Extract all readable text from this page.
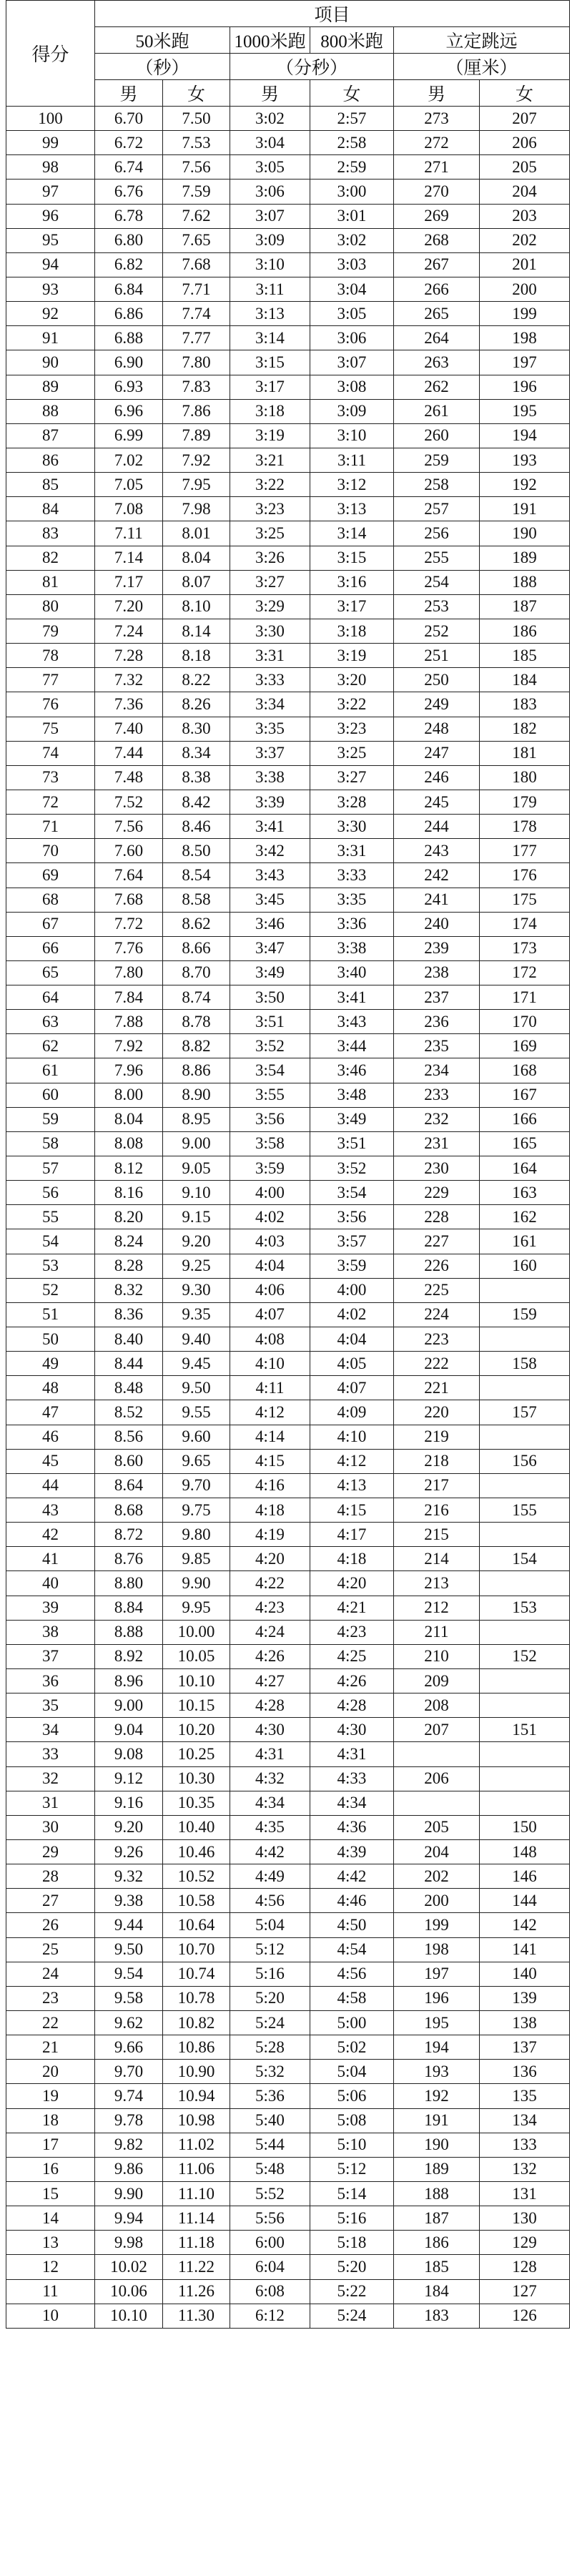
得分	项目					
	50米跑		1000米跑	800米跑	立定跳远	
	（秒）		（分秒）		（厘米）	
	男	女	男	女	男	女
100	6.70	7.50	3:02	2:57	273	207
99	6.72	7.53	3:04	2:58	272	206
98	6.74	7.56	3:05	2:59	271	205
97	6.76	7.59	3:06	3:00	270	204
96	6.78	7.62	3:07	3:01	269	203
95	6.80	7.65	3:09	3:02	268	202
94	6.82	7.68	3:10	3:03	267	201
93	6.84	7.71	3:11	3:04	266	200
92	6.86	7.74	3:13	3:05	265	199
91	6.88	7.77	3:14	3:06	264	198
90	6.90	7.80	3:15	3:07	263	197
89	6.93	7.83	3:17	3:08	262	196
88	6.96	7.86	3:18	3:09	261	195
87	6.99	7.89	3:19	3:10	260	194
86	7.02	7.92	3:21	3:11	259	193
85	7.05	7.95	3:22	3:12	258	192
84	7.08	7.98	3:23	3:13	257	191
83	7.11	8.01	3:25	3:14	256	190
82	7.14	8.04	3:26	3:15	255	189
81	7.17	8.07	3:27	3:16	254	188
80	7.20	8.10	3:29	3:17	253	187
79	7.24	8.14	3:30	3:18	252	186
78	7.28	8.18	3:31	3:19	251	185
77	7.32	8.22	3:33	3:20	250	184
76	7.36	8.26	3:34	3:22	249	183
75	7.40	8.30	3:35	3:23	248	182
74	7.44	8.34	3:37	3:25	247	181
73	7.48	8.38	3:38	3:27	246	180
72	7.52	8.42	3:39	3:28	245	179
71	7.56	8.46	3:41	3:30	244	178
70	7.60	8.50	3:42	3:31	243	177
69	7.64	8.54	3:43	3:33	242	176
68	7.68	8.58	3:45	3:35	241	175
67	7.72	8.62	3:46	3:36	240	174
66	7.76	8.66	3:47	3:38	239	173
65	7.80	8.70	3:49	3:40	238	172
64	7.84	8.74	3:50	3:41	237	171
63	7.88	8.78	3:51	3:43	236	170
62	7.92	8.82	3:52	3:44	235	169
61	7.96	8.86	3:54	3:46	234	168
60	8.00	8.90	3:55	3:48	233	167
59	8.04	8.95	3:56	3:49	232	166
58	8.08	9.00	3:58	3:51	231	165
57	8.12	9.05	3:59	3:52	230	164
56	8.16	9.10	4:00	3:54	229	163
55	8.20	9.15	4:02	3:56	228	162
54	8.24	9.20	4:03	3:57	227	161
53	8.28	9.25	4:04	3:59	226	160
52	8.32	9.30	4:06	4:00	225	
51	8.36	9.35	4:07	4:02	224	159
50	8.40	9.40	4:08	4:04	223	
49	8.44	9.45	4:10	4:05	222	158
48	8.48	9.50	4:11	4:07	221	
47	8.52	9.55	4:12	4:09	220	157
46	8.56	9.60	4:14	4:10	219	
45	8.60	9.65	4:15	4:12	218	156
44	8.64	9.70	4:16	4:13	217	
43	8.68	9.75	4:18	4:15	216	155
42	8.72	9.80	4:19	4:17	215	
41	8.76	9.85	4:20	4:18	214	154
40	8.80	9.90	4:22	4:20	213	
39	8.84	9.95	4:23	4:21	212	153
38	8.88	10.00	4:24	4:23	211	
37	8.92	10.05	4:26	4:25	210	152
36	8.96	10.10	4:27	4:26	209	
35	9.00	10.15	4:28	4:28	208	
34	9.04	10.20	4:30	4:30	207	151
33	9.08	10.25	4:31	4:31		
32	9.12	10.30	4:32	4:33	206	
31	9.16	10.35	4:34	4:34		
30	9.20	10.40	4:35	4:36	205	150
29	9.26	10.46	4:42	4:39	204	148
28	9.32	10.52	4:49	4:42	202	146
27	9.38	10.58	4:56	4:46	200	144
26	9.44	10.64	5:04	4:50	199	142
25	9.50	10.70	5:12	4:54	198	141
24	9.54	10.74	5:16	4:56	197	140
23	9.58	10.78	5:20	4:58	196	139
22	9.62	10.82	5:24	5:00	195	138
21	9.66	10.86	5:28	5:02	194	137
20	9.70	10.90	5:32	5:04	193	136
19	9.74	10.94	5:36	5:06	192	135
18	9.78	10.98	5:40	5:08	191	134
17	9.82	11.02	5:44	5:10	190	133
16	9.86	11.06	5:48	5:12	189	132
15	9.90	11.10	5:52	5:14	188	131
14	9.94	11.14	5:56	5:16	187	130
13	9.98	11.18	6:00	5:18	186	129
12	10.02	11.22	6:04	5:20	185	128
11	10.06	11.26	6:08	5:22	184	127
10	10.10	11.30	6:12	5:24	183	126
